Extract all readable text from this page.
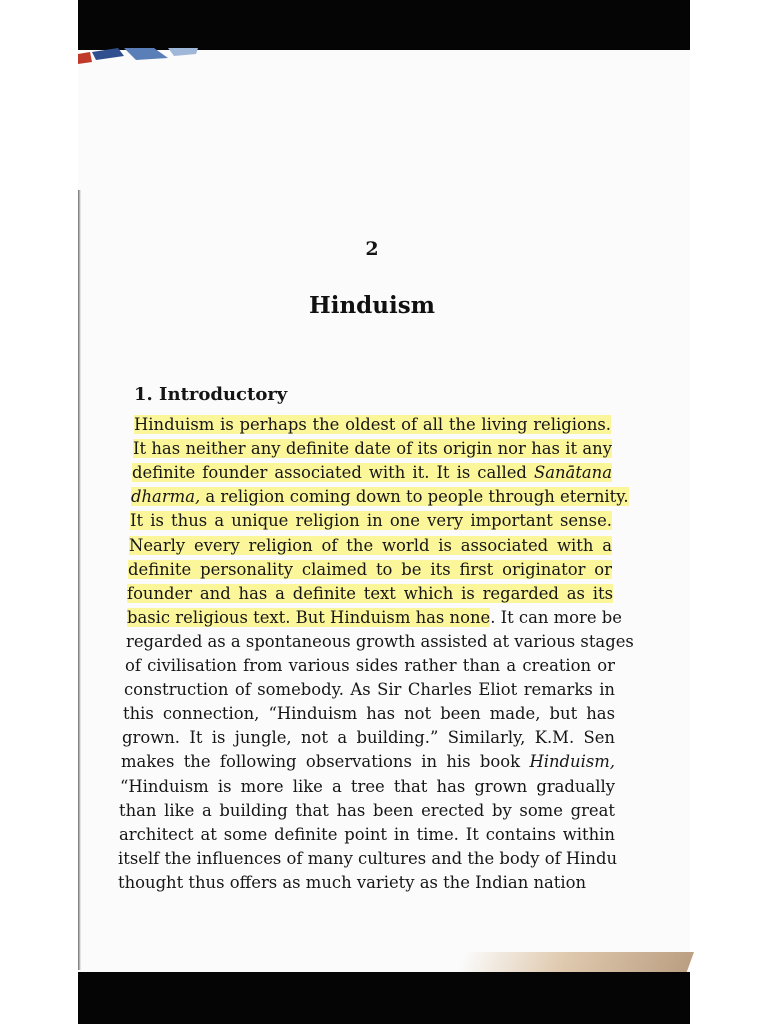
2
Hinduism
1. Introductory
Hinduism is perhaps the oldest of all the living religions.
It has neither any definite date of its origin nor has it any
definite founder associated with it. It is called Sanātana
dharma, a religion coming down to people through eternity.
It is thus a unique religion in one very important sense.
Nearly every religion of the world is associated with a
definite personality claimed to be its first originator or
founder and has a definite text which is regarded as its
basic religious text. But Hinduism has none. It can more be
regarded as a spontaneous growth assisted at various stages
of civilisation from various sides rather than a creation or
construction of somebody. As Sir Charles Eliot remarks in
this connection, “Hinduism has not been made, but has
grown. It is jungle, not a building.” Similarly, K.M. Sen
makes the following observations in his book Hinduism,
“Hinduism is more like a tree that has grown gradually
than like a building that has been erected by some great
architect at some definite point in time. It contains within
itself the influences of many cultures and the body of Hindu
thought thus offers as much variety as the Indian nation
